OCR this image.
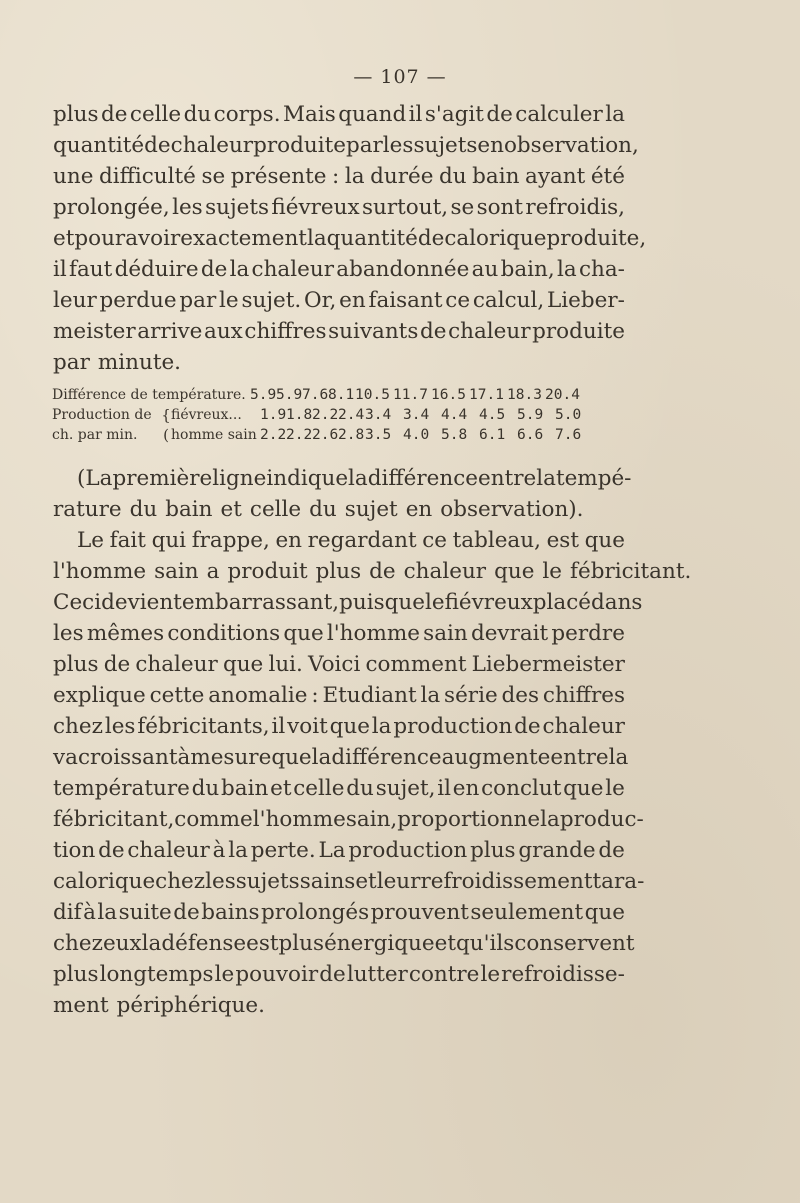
— 107 —
plus de celle du corps. Mais quand il s'agit de calculer la
quantité de chaleur produite par les sujets en observation,
une difficulté se présente : la durée du bain ayant été
prolongée, les sujets fiévreux surtout, se sont refroidis,
et pour avoir exactement la quantité de calorique produite,
il faut déduire de la chaleur abandonnée au bain, la cha-
leur perdue par le sujet. Or, en faisant ce calcul, Lieber-
meister arrive aux chiffres suivants de chaleur produite
par minute.
Différence de température. 5.9 5.9 7.6 8.1 10.5 11.7 16.5 17.1 18.3 20.4
Production de { fiévreux...	1.9 1.8 2.2 2.4 3.4 3.4 4.4 4.5 5.9 5.0
ch. par min.	( homme sain 2.2 2.2 2.6 2.8 3.5 4.0 5.8 6.1 6.6 7.6
(La première ligne indique la différence entre la tempé-
rature du bain et celle du sujet en observation).
Le fait qui frappe, en regardant ce tableau, est que
l'homme sain a produit plus de chaleur que le fébricitant.
Ceci devient embarrassant, puisque le fiévreux placé dans
les mêmes conditions que l'homme sain devrait perdre
plus de chaleur que lui. Voici comment Liebermeister
explique cette anomalie : Etudiant la série des chiffres
chez les fébricitants, il voit que la production de chaleur
va croissant à mesure que la différence augmente entre la
température du bain et celle du sujet, il en conclut que le
fébricitant, comme l'homme sain, proportionne la produc-
tion de chaleur à la perte. La production plus grande de
calorique chez les sujets sains et leur refroidissement tara-
dif à la suite de bains prolongés prouvent seulement que
chez eux la défense est plus énergique et qu'ils conservent
plus longtemps le pouvoir de lutter contre le refroidisse-
ment périphérique.
